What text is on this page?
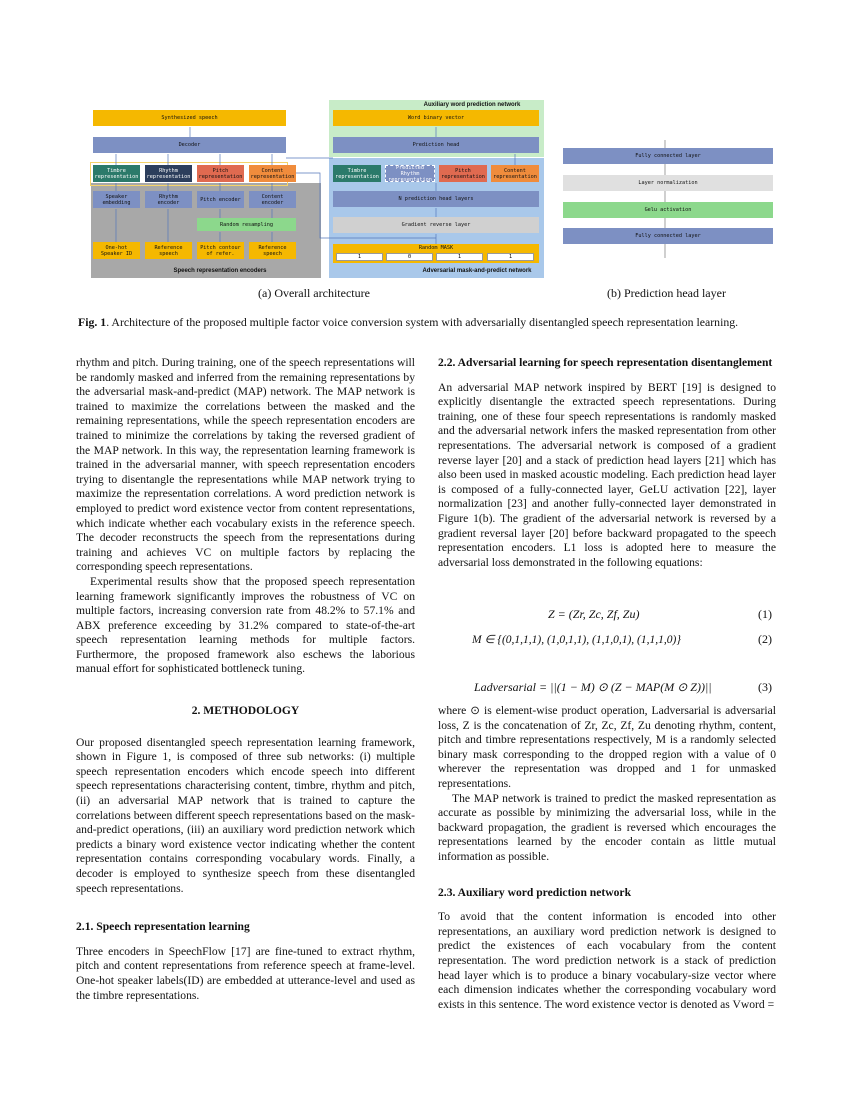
Synthesized speech
Decoder
Timbre
representation
Rhythm
representation
Pitch
representation
Content
representation
Speaker
embedding
Rhythm
encoder	Pitch encoder	Content
encoder
Random resampling
One-hot
Speaker ID
Reference
speech
Pitch contour
of refer.
Reference
speech
Speech representation encoders
Auxiliary word prediction network
Word binary vector
Prediction head
Timbre
representation
Predicted Rhythm
representation
Pitch
representation
Content
representation
N prediction head layers
Gradient reverse layer
Random MASK
1	0	1	1
Adversarial mask-and-predict network
Fully connected layer
Layer normalization
Gelu activation
Fully connected layer
(a) Overall architecture	(b) Prediction head layer
Fig. 1. Architecture of the proposed multiple factor voice conversion system with adversarially disentangled speech representation learning.

rhythm and pitch. During training, one of the speech representations will be randomly masked and inferred from the remaining representations by the adversarial mask-and-predict (MAP) network. The MAP network is trained to maximize the correlations between the masked and the remaining representations, while the speech representation encoders are trained to minimize the correlations by taking the reversed gradient of the MAP network. In this way, the representation learning framework is trained in the adversarial manner, with speech representation encoders trying to disentangle the representations while MAP network trying to maximize the representation correlations. A word prediction network is employed to predict word existence vector from content representations, which indicate whether each vocabulary exists in the reference speech. The decoder reconstructs the speech from the representations during training and achieves VC on multiple factors by replacing the corresponding speech representations.

Experimental results show that the proposed speech representation learning framework significantly improves the robustness of VC on multiple factors, increasing conversion rate from 48.2% to 57.1% and ABX preference exceeding by 31.2% compared to state-of-the-art speech representation learning methods for multiple factors. Furthermore, the proposed framework also eschews the laborious manual effort for sophisticated bottleneck tuning.

2. METHODOLOGY

Our proposed disentangled speech representation learning framework, shown in Figure 1, is composed of three sub networks: (i) multiple speech representation encoders which encode speech into different speech representations characterising content, timbre, rhythm and pitch, (ii) an adversarial MAP network that is trained to capture the correlations between different speech representations based on the mask-and-predict operations, (iii) an auxiliary word prediction network which predicts a binary word existence vector indicating whether the content representation contains corresponding vocabulary words. Finally, a decoder is employed to synthesize speech from these disentangled speech representations.

2.1. Speech representation learning

Three encoders in SpeechFlow [17] are fine-tuned to extract rhythm, pitch and content representations from reference speech at frame-level. One-hot speaker labels(ID) are embedded at utterance-level and used as the timbre representations.

2.2. Adversarial learning for speech representation disentanglement

An adversarial MAP network inspired by BERT [19] is designed to explicitly disentangle the extracted speech representations. During training, one of these four speech representations is randomly masked and the adversarial network infers the masked representation from other representations. The adversarial network is composed of a gradient reverse layer [20] and a stack of prediction head layers [21] which has also been used in masked acoustic modeling. Each prediction head layer is composed of a fully-connected layer, GeLU activation [22], layer normalization [23] and another fully-connected layer demonstrated in Figure 1(b). The gradient of the adversarial network is reversed by a gradient reversal layer [20] before backward propagated to the speech representation encoders. L1 loss is adopted here to measure the adversarial loss demonstrated in the following equations:

Z = (Zr, Zc, Zf, Zu)	(1)
M ∈ {(0,1,1,1), (1,0,1,1), (1,1,0,1), (1,1,1,0)}	(2)
Ladversarial = ||(1 − M) ⊙ (Z − MAP(M ⊙ Z))||	(3)

where ⊙ is element-wise product operation, Ladversarial is adversarial loss, Z is the concatenation of Zr, Zc, Zf, Zu denoting rhythm, content, pitch and timbre representations respectively, M is a randomly selected binary mask corresponding to the dropped region with a value of 0 wherever the representation was dropped and 1 for unmasked representations.

The MAP network is trained to predict the masked representation as accurate as possible by minimizing the adversarial loss, while in the backward propagation, the gradient is reversed which encourages the representations learned by the encoder contain as little mutual information as possible.

2.3. Auxiliary word prediction network

To avoid that the content information is encoded into other representations, an auxiliary word prediction network is designed to predict the existences of each vocabulary from the content representation. The word prediction network is a stack of prediction head layer which is to produce a binary vocabulary-size vector where each dimension indicates whether the corresponding vocabulary word exists in this sentence. The word existence vector is denoted as Vword =
